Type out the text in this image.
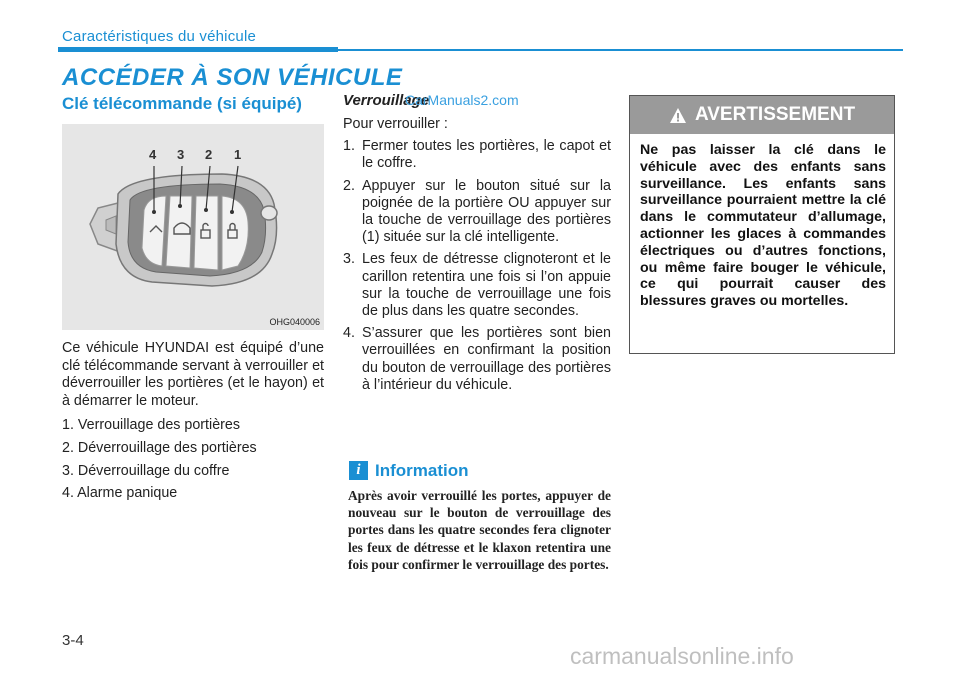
Caractéristiques du véhicule
ACCÉDER À SON VÉHICULE
Clé télécommande (si équipé)
4 3 2 1
OHG040006

Ce véhicule HYUNDAI est équipé d’une clé télécommande servant à verrouiller et déverrouiller les portières (et le hayon) et à démarrer le moteur.

1. Verrouillage des portières
2. Déverrouillage des portières
3. Déverrouillage du coffre
4. Alarme panique
Verrouillage
Pour verrouiller :
1. Fermer toutes les portières, le capot et le coffre.
2. Appuyer sur le bouton situé sur la poignée de la portière OU appuyer sur la touche de verrouillage des portières (1) située sur la clé intelligente.
3. Les feux de détresse clignoteront et le carillon retentira une fois si l’on appuie sur la touche de verrouillage une fois de plus dans les quatre secondes.
4. S’assurer que les portières sont bien verrouillées en confirmant la position du bouton de verrouillage des portières à l’intérieur du véhicule.
CarManuals2.com
i Information
Après avoir verrouillé les portes, appuyer de nouveau sur le bouton de verrouillage des portes dans les quatre secondes fera clignoter les feux de détresse et le klaxon retentira une fois pour confirmer le verrouillage des portes.
AVERTISSEMENT
Ne pas laisser la clé dans le véhicule avec des enfants sans surveillance. Les enfants sans surveillance pourraient mettre la clé dans le commutateur d’allumage, actionner les glaces à commandes électriques ou d’autres fonctions, ou même faire bouger le véhicule, ce qui pourrait causer des blessures graves ou mortelles.
3-4
carmanualsonline.info
